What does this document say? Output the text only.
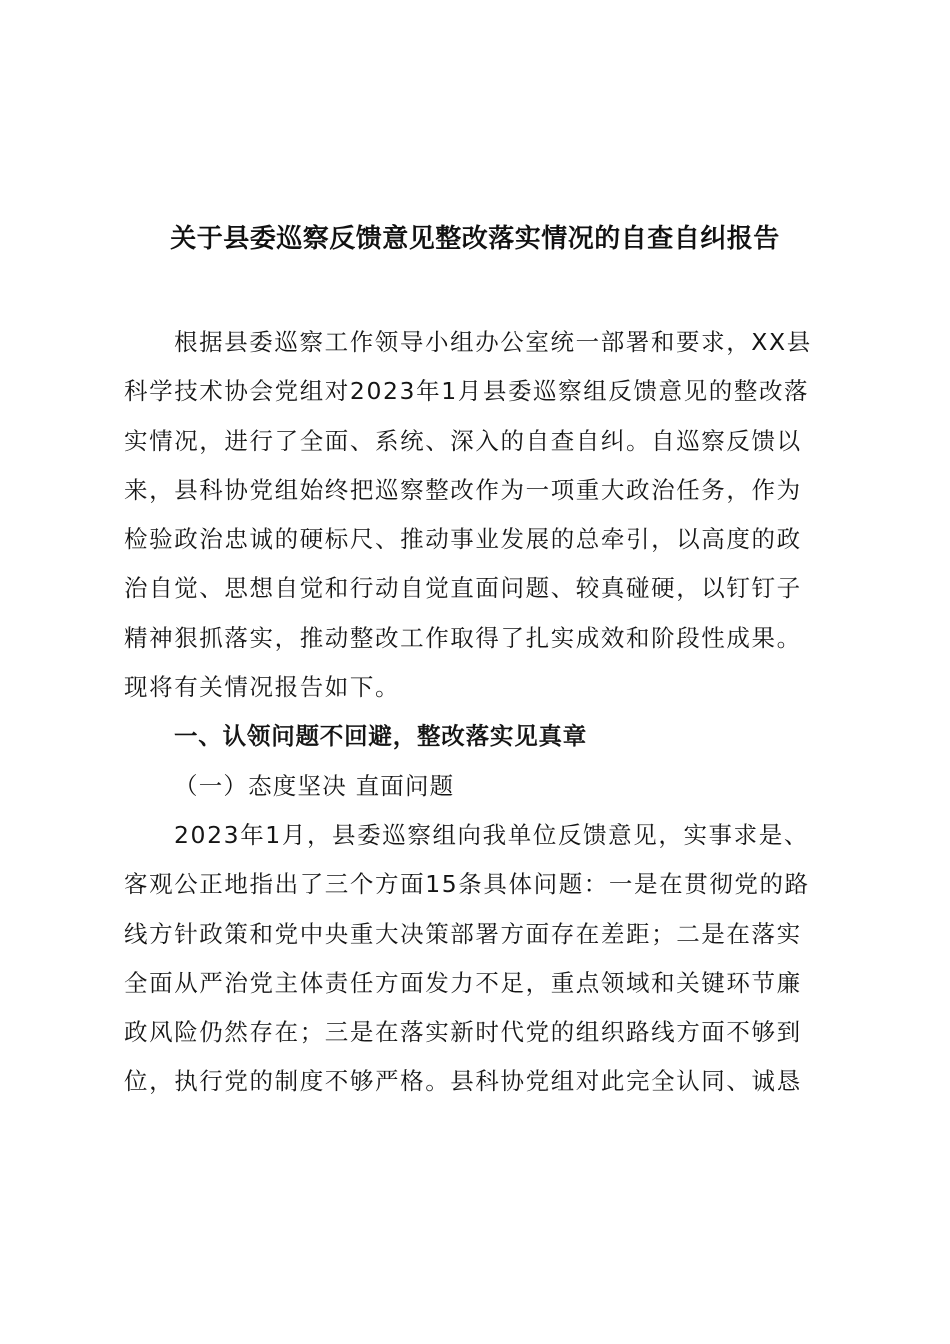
关于县委巡察反馈意见整改落实情况的自查自纠报告
根据县委巡察工作领导小组办公室统一部署和要求，XX县
科学技术协会党组对2023年1月县委巡察组反馈意见的整改落
实情况，进行了全面、系统、深入的自查自纠。自巡察反馈以
来，县科协党组始终把巡察整改作为一项重大政治任务，作为
检验政治忠诚的硬标尺、推动事业发展的总牵引，以高度的政
治自觉、思想自觉和行动自觉直面问题、较真碰硬，以钉钉子
精神狠抓落实，推动整改工作取得了扎实成效和阶段性成果。
现将有关情况报告如下。
一、认领问题不回避，整改落实见真章
（一）态度坚决 直面问题
2023年1月，县委巡察组向我单位反馈意见，实事求是、
客观公正地指出了三个方面15条具体问题：一是在贯彻党的路
线方针政策和党中央重大决策部署方面存在差距；二是在落实
全面从严治党主体责任方面发力不足，重点领域和关键环节廉
政风险仍然存在；三是在落实新时代党的组织路线方面不够到
位，执行党的制度不够严格。县科协党组对此完全认同、诚恳
